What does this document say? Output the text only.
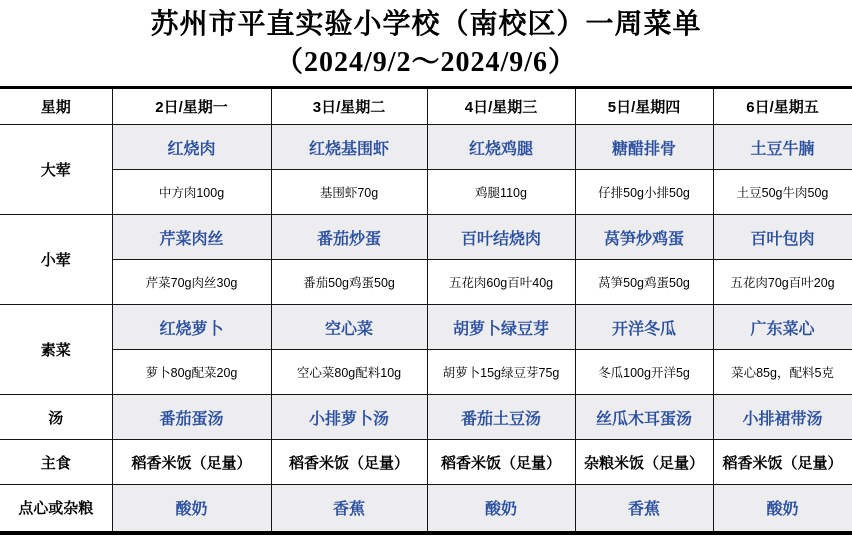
苏州市平直实验小学校（南校区）一周菜单
（2024/9/2～2024/9/6）
星期	2日/星期一	3日/星期二	4日/星期三	5日/星期四	6日/星期五
大荤	红烧肉	红烧基围虾	红烧鸡腿	糖醋排骨	土豆牛腩
	中方肉100g	基围虾70g	鸡腿110g	仔排50g小排50g	土豆50g牛肉50g
小荤	芹菜肉丝	番茄炒蛋	百叶结烧肉	莴笋炒鸡蛋	百叶包肉
	芹菜70g肉丝30g	番茄50g鸡蛋50g	五花肉60g百叶40g	莴笋50g鸡蛋50g	五花肉70g百叶20g
素菜	红烧萝卜	空心菜	胡萝卜绿豆芽	开洋冬瓜	广东菜心
	萝卜80g配菜20g	空心菜80g配料10g	胡萝卜15g绿豆芽75g	冬瓜100g开洋5g	菜心85g，配料5克
汤	番茄蛋汤	小排萝卜汤	番茄土豆汤	丝瓜木耳蛋汤	小排裙带汤
主食	稻香米饭（足量）	稻香米饭（足量）	稻香米饭（足量）	杂粮米饭（足量）	稻香米饭（足量）
点心或杂粮	酸奶	香蕉	酸奶	香蕉	酸奶
